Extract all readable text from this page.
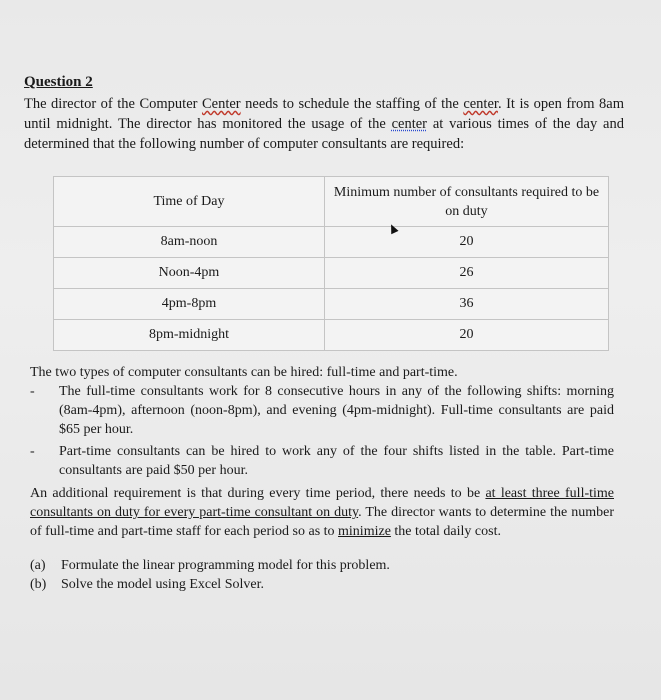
Question 2
The director of the Computer Center needs to schedule the staffing of the center. It is open from 8am until midnight. The director has monitored the usage of the center at various times of the day and determined that the following number of computer consultants are required:
Time of Day	Minimum number of consultants required to be on duty
8am-noon	20
Noon-4pm	26
4pm-8pm	36
8pm-midnight	20
The two types of computer consultants can be hired: full-time and part-time.
- The full-time consultants work for 8 consecutive hours in any of the following shifts: morning (8am-4pm), afternoon (noon-8pm), and evening (4pm-midnight). Full-time consultants are paid $65 per hour.
- Part-time consultants can be hired to work any of the four shifts listed in the table. Part-time consultants are paid $50 per hour.
An additional requirement is that during every time period, there needs to be at least three full-time consultants on duty for every part-time consultant on duty. The director wants to determine the number of full-time and part-time staff for each period so as to minimize the total daily cost.
(a) Formulate the linear programming model for this problem.
(b) Solve the model using Excel Solver.
